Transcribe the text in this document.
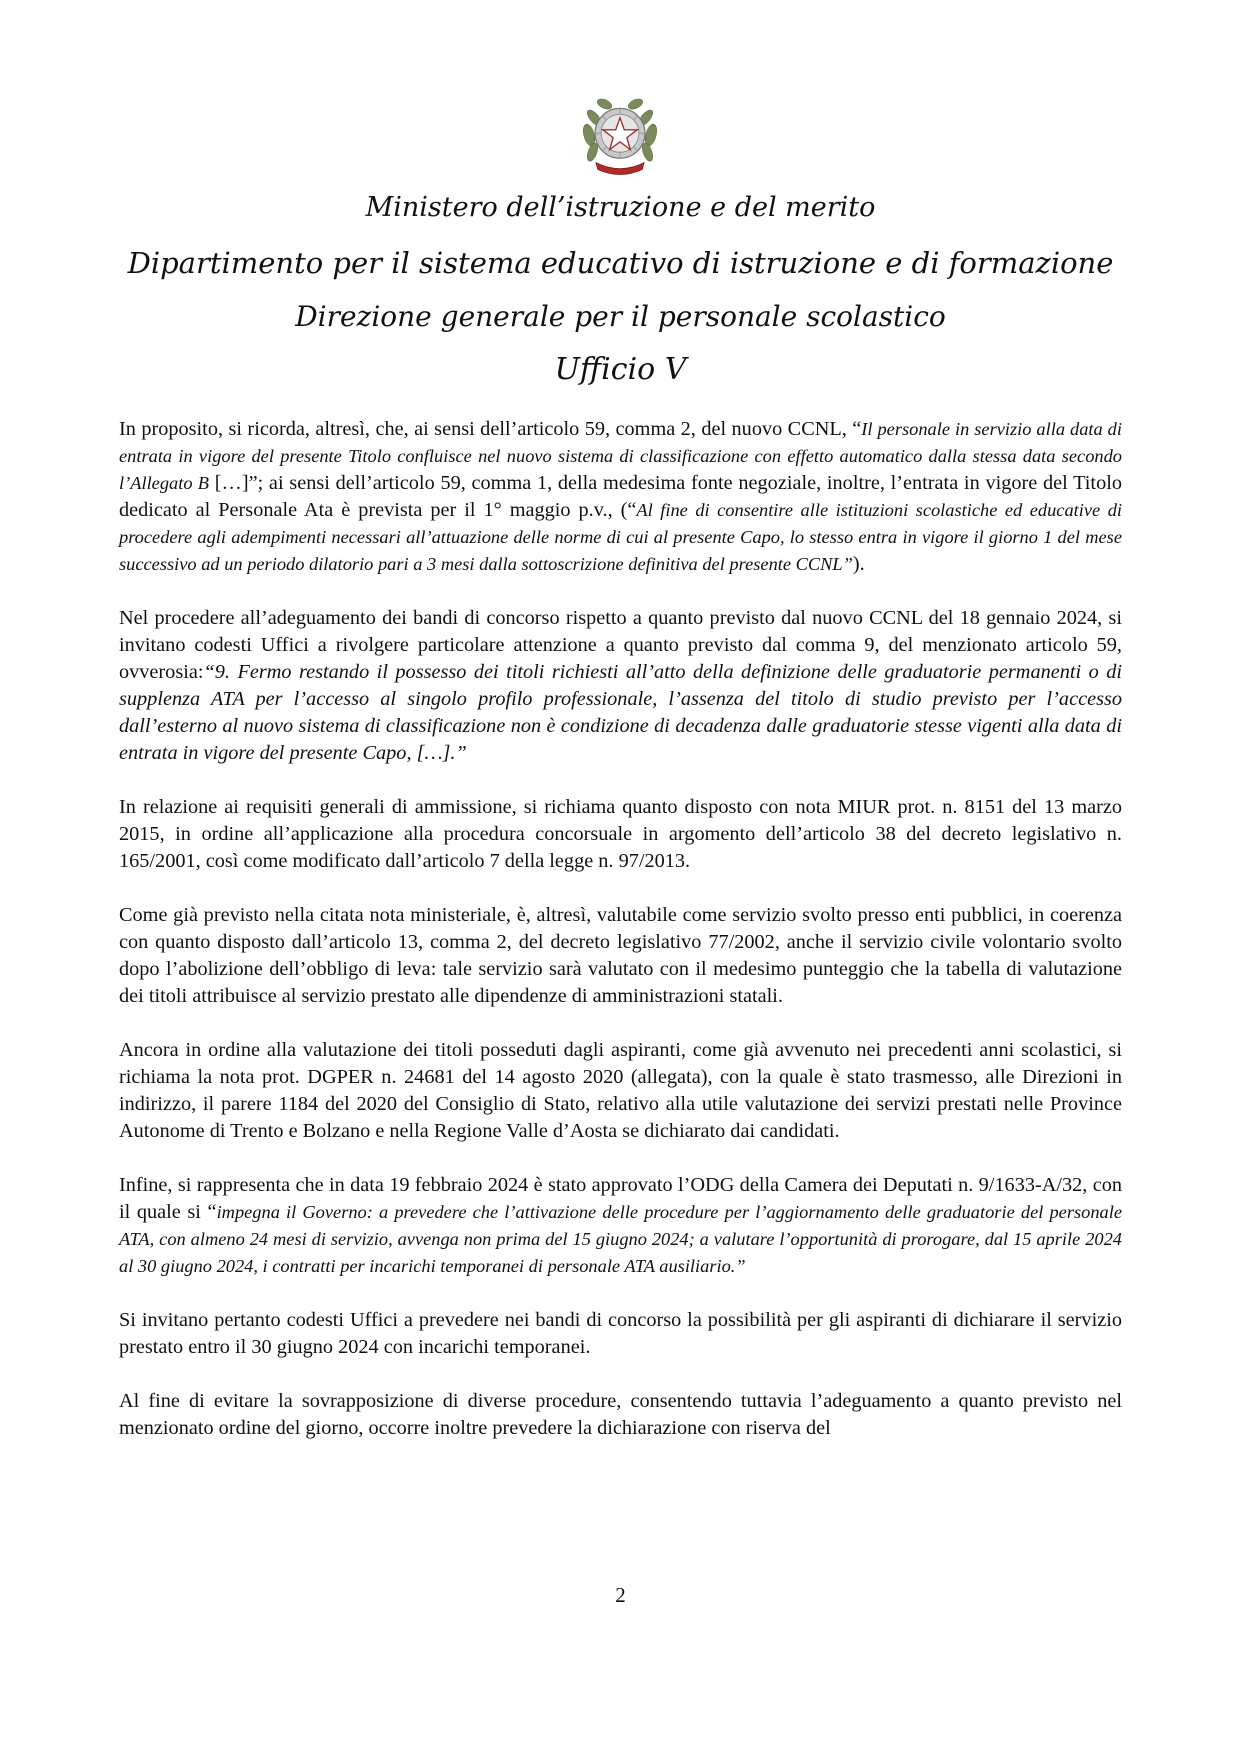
Ministero dell’istruzione e del merito
Dipartimento per il sistema educativo di istruzione e di formazione
Direzione generale per il personale scolastico
Ufficio V

In proposito, si ricorda, altresì, che, ai sensi dell’articolo 59, comma 2, del nuovo CCNL, “Il personale in servizio alla data di entrata in vigore del presente Titolo confluisce nel nuovo sistema di classificazione con effetto automatico dalla stessa data secondo l’Allegato B […]”; ai sensi dell’articolo 59, comma 1, della medesima fonte negoziale, inoltre, l’entrata in vigore del Titolo dedicato al Personale Ata è prevista per il 1° maggio p.v., (“Al fine di consentire alle istituzioni scolastiche ed educative di procedere agli adempimenti necessari all’attuazione delle norme di cui al presente Capo, lo stesso entra in vigore il giorno 1 del mese successivo ad un periodo dilatorio pari a 3 mesi dalla sottoscrizione definitiva del presente CCNL”).

Nel procedere all’adeguamento dei bandi di concorso rispetto a quanto previsto dal nuovo CCNL del 18 gennaio 2024, si invitano codesti Uffici a rivolgere particolare attenzione a quanto previsto dal comma 9, del menzionato articolo 59, ovverosia:“9. Fermo restando il possesso dei titoli richiesti all’atto della definizione delle graduatorie permanenti o di supplenza ATA per l’accesso al singolo profilo professionale, l’assenza del titolo di studio previsto per l’accesso dall’esterno al nuovo sistema di classificazione non è condizione di decadenza dalle graduatorie stesse vigenti alla data di entrata in vigore del presente Capo, […].”

In relazione ai requisiti generali di ammissione, si richiama quanto disposto con nota MIUR prot. n. 8151 del 13 marzo 2015, in ordine all’applicazione alla procedura concorsuale in argomento dell’articolo 38 del decreto legislativo n. 165/2001, così come modificato dall’articolo 7 della legge n. 97/2013.

Come già previsto nella citata nota ministeriale, è, altresì, valutabile come servizio svolto presso enti pubblici, in coerenza con quanto disposto dall’articolo 13, comma 2, del decreto legislativo 77/2002, anche il servizio civile volontario svolto dopo l’abolizione dell’obbligo di leva: tale servizio sarà valutato con il medesimo punteggio che la tabella di valutazione dei titoli attribuisce al servizio prestato alle dipendenze di amministrazioni statali.

Ancora in ordine alla valutazione dei titoli posseduti dagli aspiranti, come già avvenuto nei precedenti anni scolastici, si richiama la nota prot. DGPER n. 24681 del 14 agosto 2020 (allegata), con la quale è stato trasmesso, alle Direzioni in indirizzo, il parere 1184 del 2020 del Consiglio di Stato, relativo alla utile valutazione dei servizi prestati nelle Province Autonome di Trento e Bolzano e nella Regione Valle d’Aosta se dichiarato dai candidati.

Infine, si rappresenta che in data 19 febbraio 2024 è stato approvato l’ODG della Camera dei Deputati n. 9/1633-A/32, con il quale si “impegna il Governo: a prevedere che l’attivazione delle procedure per l’aggiornamento delle graduatorie del personale ATA, con almeno 24 mesi di servizio, avvenga non prima del 15 giugno 2024; a valutare l’opportunità di prorogare, dal 15 aprile 2024 al 30 giugno 2024, i contratti per incarichi temporanei di personale ATA ausiliario.”

Si invitano pertanto codesti Uffici a prevedere nei bandi di concorso la possibilità per gli aspiranti di dichiarare il servizio prestato entro il 30 giugno 2024 con incarichi temporanei.

Al fine di evitare la sovrapposizione di diverse procedure, consentendo tuttavia l’adeguamento a quanto previsto nel menzionato ordine del giorno, occorre inoltre prevedere la dichiarazione con riserva del

2
